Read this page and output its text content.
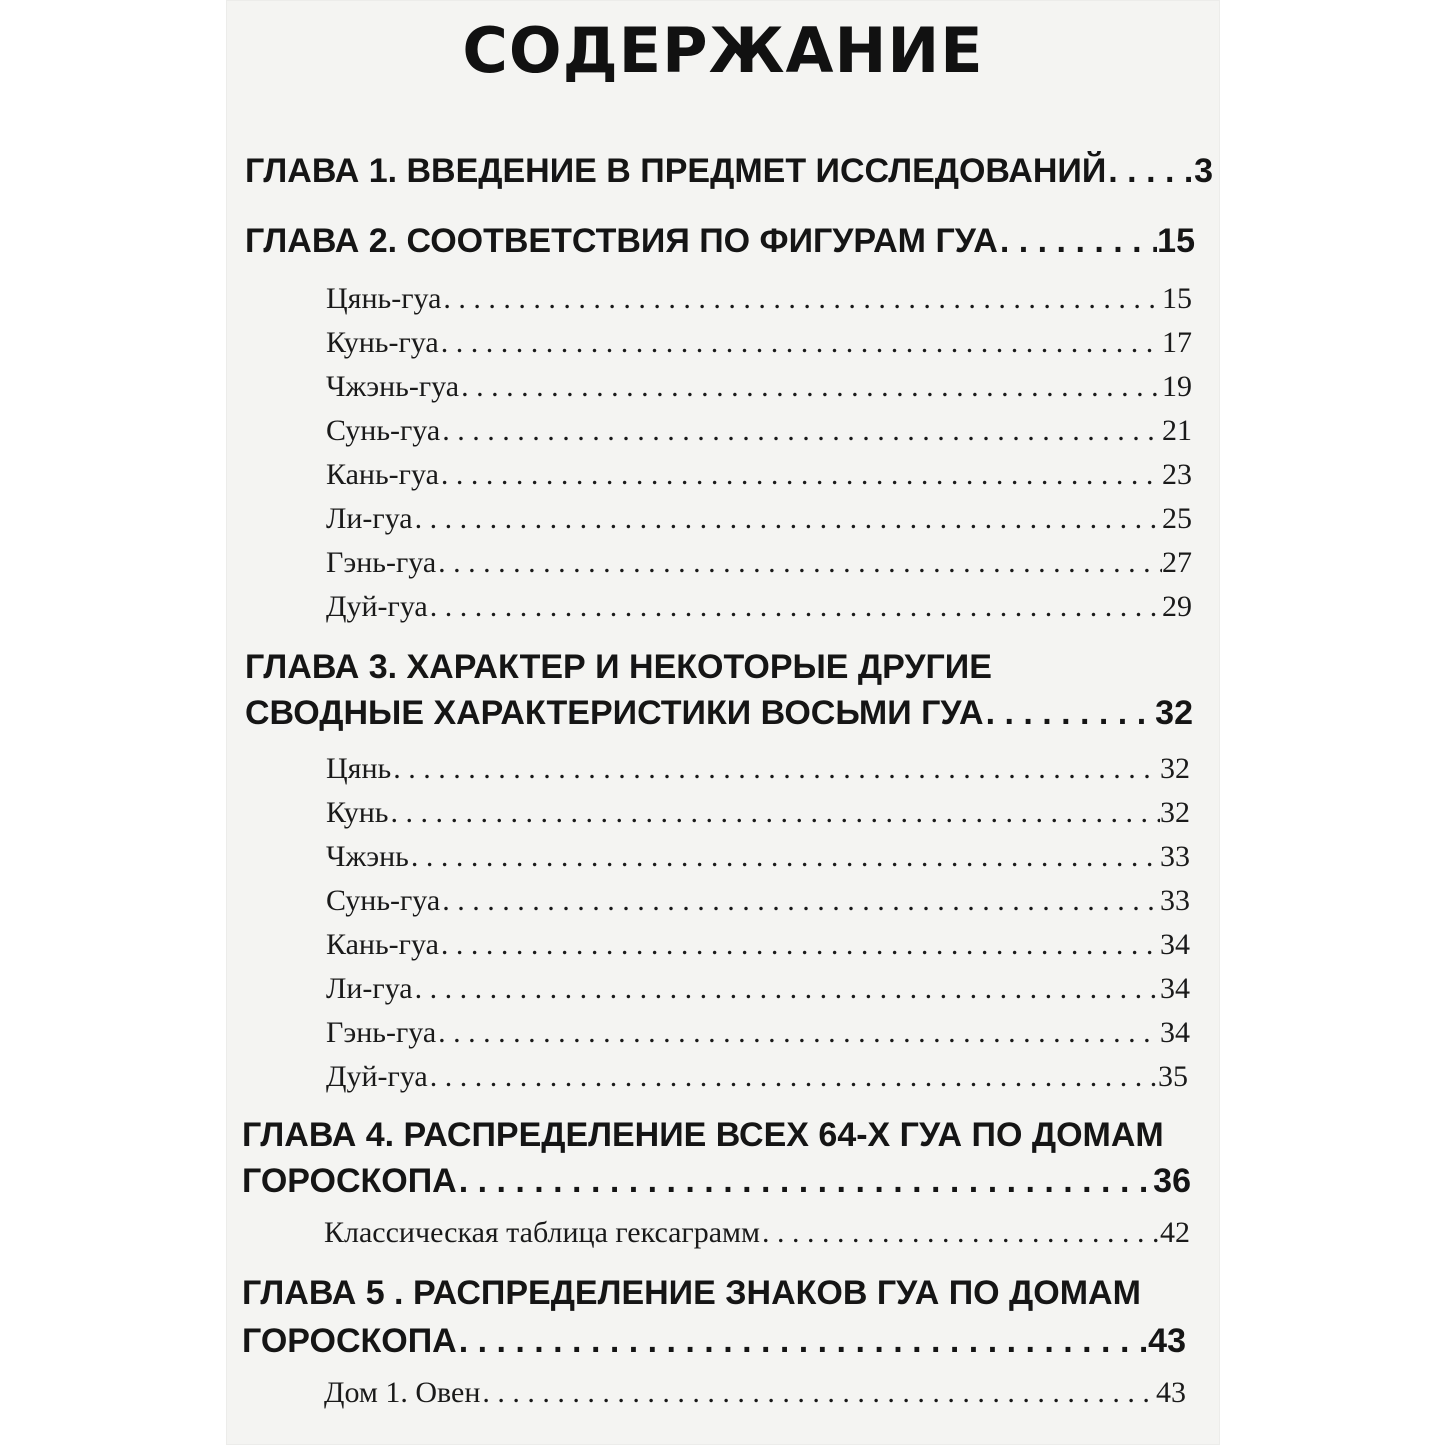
СОДЕРЖАНИЕ
ГЛАВА 1. ВВЕДЕНИЕ В ПРЕДМЕТ ИССЛЕДОВАНИЙ . . .	3
ГЛАВА 2. СООТВЕТСТВИЯ ПО ФИГУРАМ ГУА . . .	15
Цянь-гуа . . .	15
Кунь-гуа . . .	17
Чжэнь-гуа . . .	19
Сунь-гуа . . .	21
Кань-гуа . . .	23
Ли-гуа . . .	25
Гэнь-гуа . . .	27
Дуй-гуа . . .	29
ГЛАВА 3. ХАРАКТЕР И НЕКОТОРЫЕ ДРУГИЕ
СВОДНЫЕ ХАРАКТЕРИСТИКИ ВОСЬМИ ГУА . . .	32
Цянь . . .	32
Кунь . . .	32
Чжэнь . . .	33
Сунь-гуа . . .	33
Кань-гуа . . .	34
Ли-гуа . . .	34
Гэнь-гуа . . .	34
Дуй-гуа . . .	35
ГЛАВА 4. РАСПРЕДЕЛЕНИЕ ВСЕХ 64-Х ГУА ПО ДОМАМ
ГОРОСКОПА . . .	36
Классическая таблица гексаграмм . . .	42
ГЛАВА 5 . РАСПРЕДЕЛЕНИЕ ЗНАКОВ ГУА ПО ДОМАМ
ГОРОСКОПА . . .	43
Дом 1. Овен . . .	43
